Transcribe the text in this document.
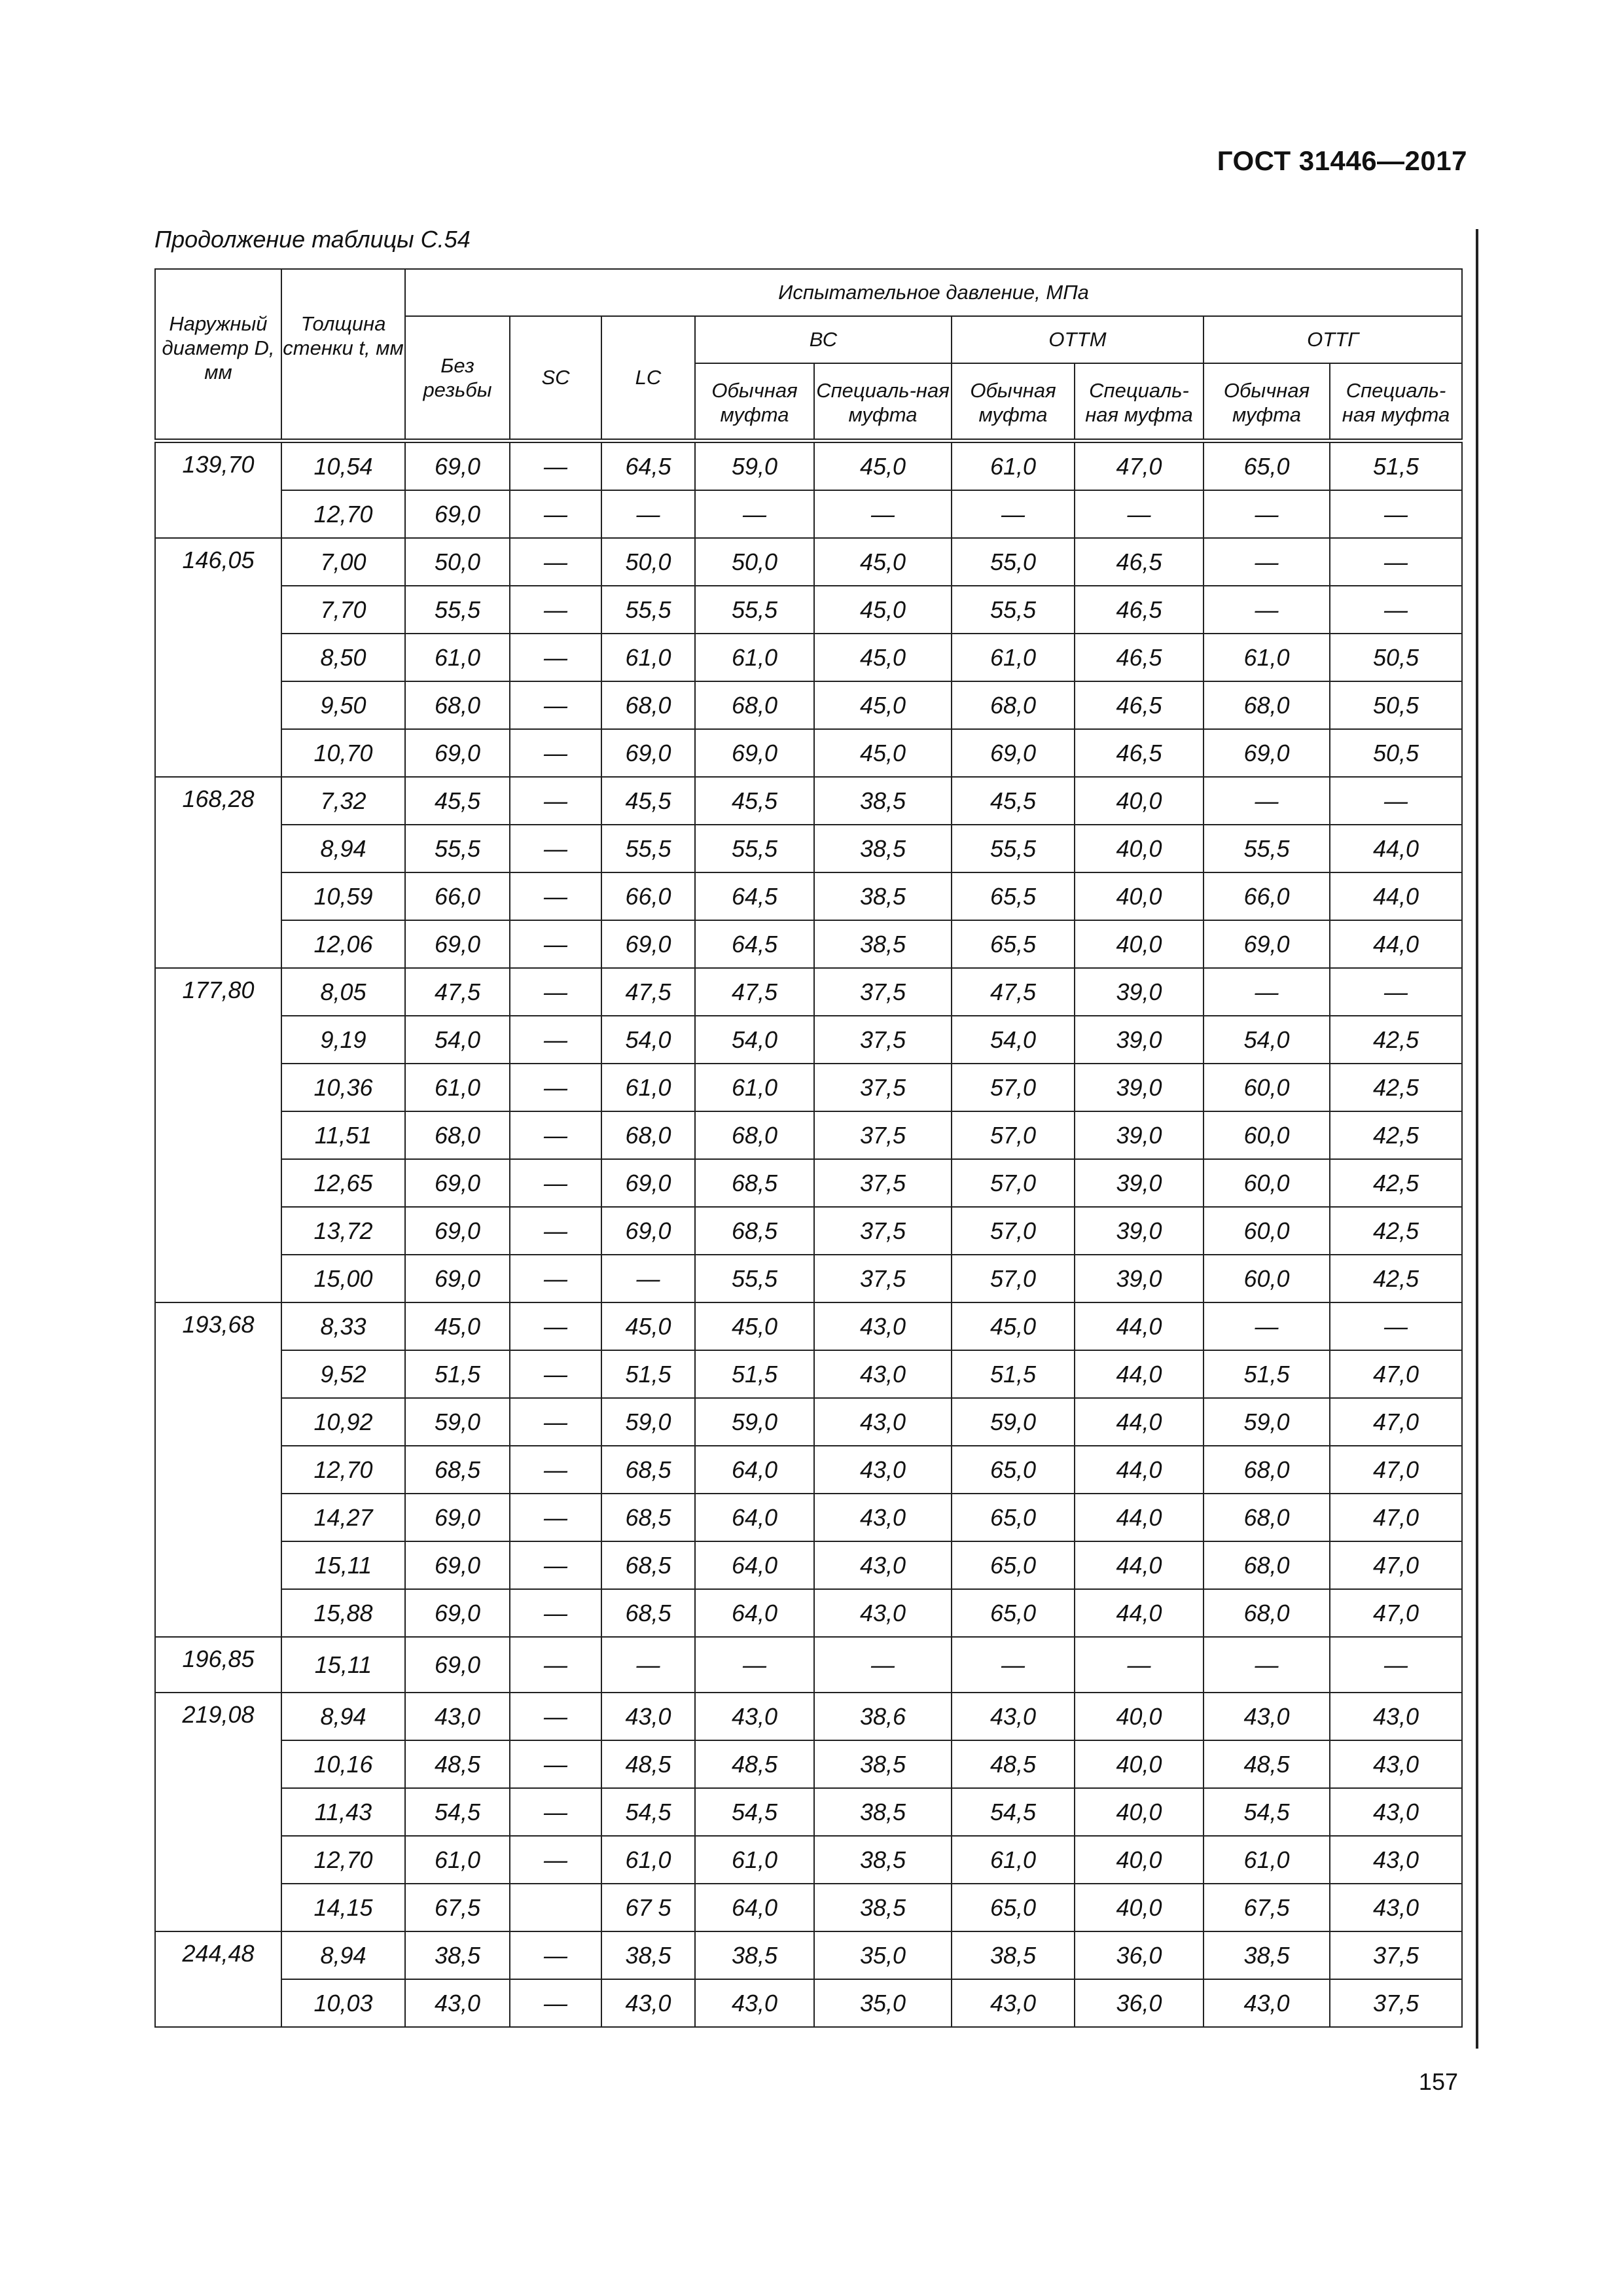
ГОСТ 31446—2017
Продолжение таблицы С.54
Наружный диаметр D, мм	Толщина стенки t, мм	Испытательное давление, МПа								
		Без резьбы	SC	LC	ВС		ОТТМ		ОТТГ	
					Обычная муфта	Специаль-ная муфта	Обычная муфта	Специаль-ная муфта	Обычная муфта	Специаль-ная муфта
139,70	10,54	69,0	—	64,5	59,0	45,0	61,0	47,0	65,0	51,5
	12,70	69,0	—	—	—	—	—	—	—	—
146,05	7,00	50,0	—	50,0	50,0	45,0	55,0	46,5	—	—
	7,70	55,5	—	55,5	55,5	45,0	55,5	46,5	—	—
	8,50	61,0	—	61,0	61,0	45,0	61,0	46,5	61,0	50,5
	9,50	68,0	—	68,0	68,0	45,0	68,0	46,5	68,0	50,5
	10,70	69,0	—	69,0	69,0	45,0	69,0	46,5	69,0	50,5
168,28	7,32	45,5	—	45,5	45,5	38,5	45,5	40,0	—	—
	8,94	55,5	—	55,5	55,5	38,5	55,5	40,0	55,5	44,0
	10,59	66,0	—	66,0	64,5	38,5	65,5	40,0	66,0	44,0
	12,06	69,0	—	69,0	64,5	38,5	65,5	40,0	69,0	44,0
177,80	8,05	47,5	—	47,5	47,5	37,5	47,5	39,0	—	—
	9,19	54,0	—	54,0	54,0	37,5	54,0	39,0	54,0	42,5
	10,36	61,0	—	61,0	61,0	37,5	57,0	39,0	60,0	42,5
	11,51	68,0	—	68,0	68,0	37,5	57,0	39,0	60,0	42,5
	12,65	69,0	—	69,0	68,5	37,5	57,0	39,0	60,0	42,5
	13,72	69,0	—	69,0	68,5	37,5	57,0	39,0	60,0	42,5
	15,00	69,0	—	—	55,5	37,5	57,0	39,0	60,0	42,5
193,68	8,33	45,0	—	45,0	45,0	43,0	45,0	44,0	—	—
	9,52	51,5	—	51,5	51,5	43,0	51,5	44,0	51,5	47,0
	10,92	59,0	—	59,0	59,0	43,0	59,0	44,0	59,0	47,0
	12,70	68,5	—	68,5	64,0	43,0	65,0	44,0	68,0	47,0
	14,27	69,0	—	68,5	64,0	43,0	65,0	44,0	68,0	47,0
	15,11	69,0	—	68,5	64,0	43,0	65,0	44,0	68,0	47,0
	15,88	69,0	—	68,5	64,0	43,0	65,0	44,0	68,0	47,0
196,85	15,11	69,0	—	—	—	—	—	—	—	—
219,08	8,94	43,0	—	43,0	43,0	38,6	43,0	40,0	43,0	43,0
	10,16	48,5	—	48,5	48,5	38,5	48,5	40,0	48,5	43,0
	11,43	54,5	—	54,5	54,5	38,5	54,5	40,0	54,5	43,0
	12,70	61,0	—	61,0	61,0	38,5	61,0	40,0	61,0	43,0
	14,15	67,5		67 5	64,0	38,5	65,0	40,0	67,5	43,0
244,48	8,94	38,5	—	38,5	38,5	35,0	38,5	36,0	38,5	37,5
	10,03	43,0	—	43,0	43,0	35,0	43,0	36,0	43,0	37,5
157
